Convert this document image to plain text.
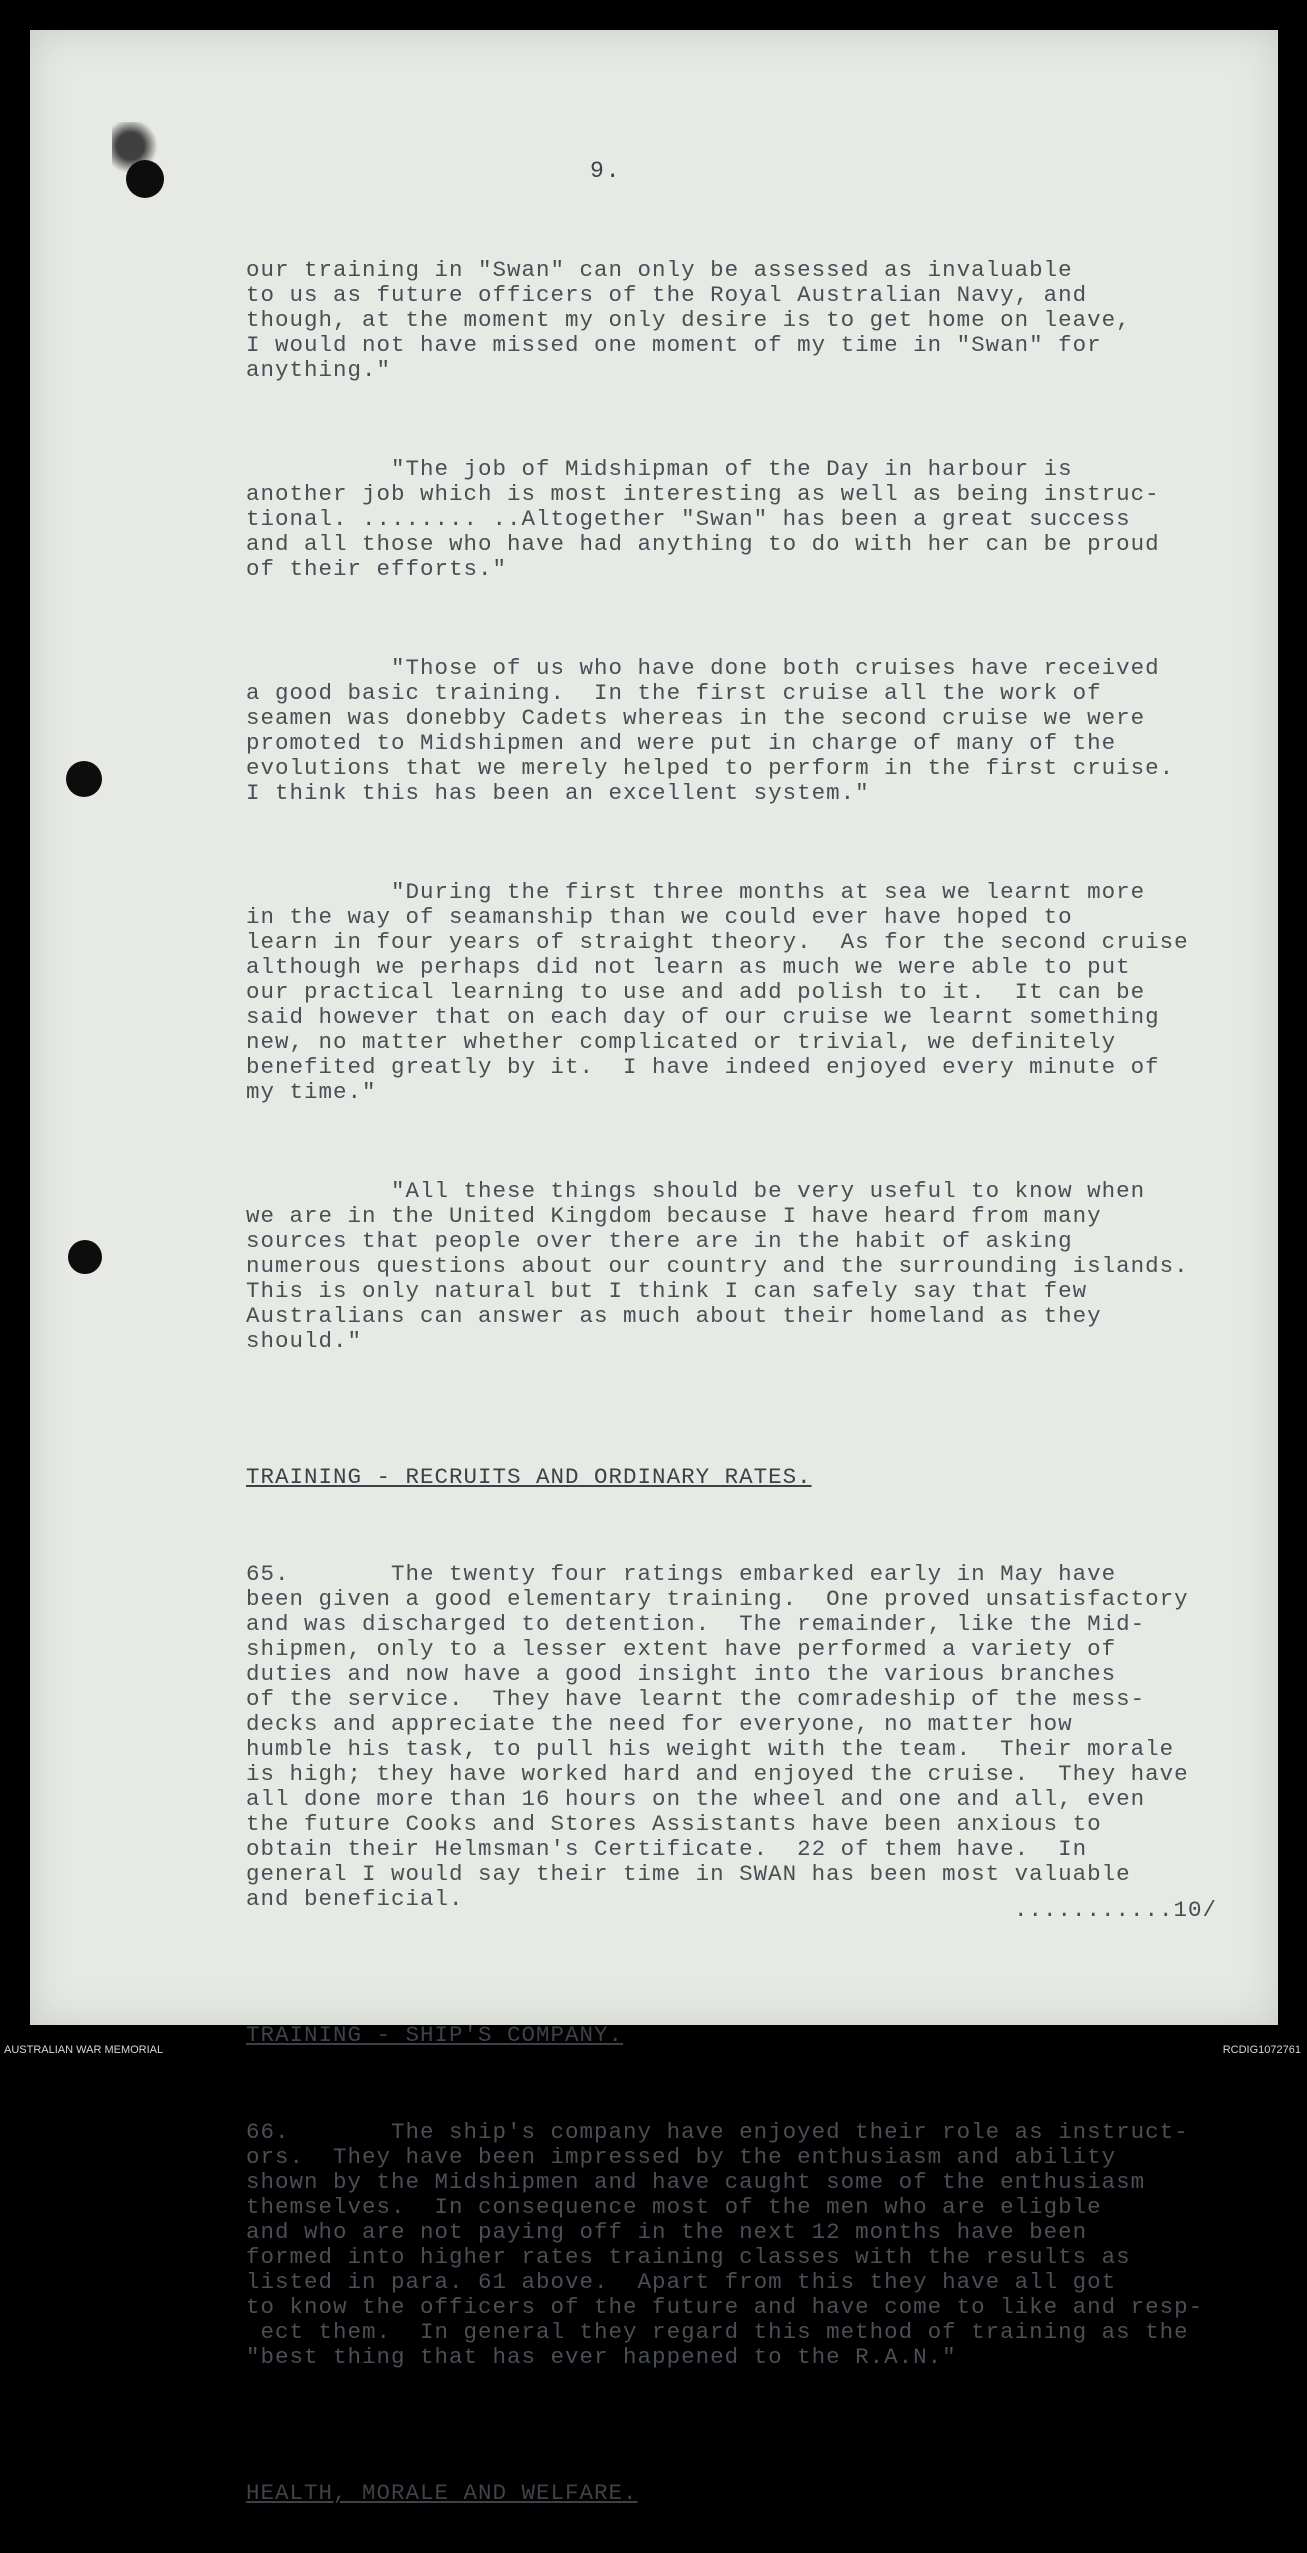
9.

our training in "Swan" can only be assessed as invaluable
to us as future officers of the Royal Australian Navy, and
though, at the moment my only desire is to get home on leave,
I would not have missed one moment of my time in "Swan" for
anything."

"The job of Midshipman of the Day in harbour is
another job which is most interesting as well as being instruc-
tional. ........ ..Altogether "Swan" has been a great success
and all those who have had anything to do with her can be proud
of their efforts."

"Those of us who have done both cruises have received
a good basic training.  In the first cruise all the work of
seamen was donebby Cadets whereas in the second cruise we were
promoted to Midshipmen and were put in charge of many of the
evolutions that we merely helped to perform in the first cruise.
I think this has been an excellent system."

"During the first three months at sea we learnt more
in the way of seamanship than we could ever have hoped to
learn in four years of straight theory.  As for the second cruise
although we perhaps did not learn as much we were able to put
our practical learning to use and add polish to it.  It can be
said however that on each day of our cruise we learnt something
new, no matter whether complicated or trivial, we definitely
benefited greatly by it.  I have indeed enjoyed every minute of
my time."

"All these things should be very useful to know when
we are in the United Kingdom because I have heard from many
sources that people over there are in the habit of asking
numerous questions about our country and the surrounding islands.
This is only natural but I think I can safely say that few
Australians can answer as much about their homeland as they
should."

TRAINING - RECRUITS AND ORDINARY RATES.

65.       The twenty four ratings embarked early in May have
been given a good elementary training.  One proved unsatisfactory
and was discharged to detention.  The remainder, like the Mid-
shipmen, only to a lesser extent have performed a variety of
duties and now have a good insight into the various branches
of the service.  They have learnt the comradeship of the mess-
decks and appreciate the need for everyone, no matter how
humble his task, to pull his weight with the team.  Their morale
is high; they have worked hard and enjoyed the cruise.  They have
all done more than 16 hours on the wheel and one and all, even
the future Cooks and Stores Assistants have been anxious to
obtain their Helmsman's Certificate.  22 of them have.  In
general I would say their time in SWAN has been most valuable
and beneficial.

TRAINING - SHIP'S COMPANY.

66.       The ship's company have enjoyed their role as instruct-
ors.  They have been impressed by the enthusiasm and ability
shown by the Midshipmen and have caught some of the enthusiasm
themselves.  In consequence most of the men who are eligble
and who are not paying off in the next 12 months have been
formed into higher rates training classes with the results as
listed in para. 61 above.  Apart from this they have all got
to know the officers of the future and have come to like and resp-
ect them.  In general they regard this method of training as the
"best thing that has ever happened to the R.A.N."

HEALTH, MORALE AND WELFARE.

...........10/
AUSTRALIAN WAR MEMORIAL	RCDIG1072761
